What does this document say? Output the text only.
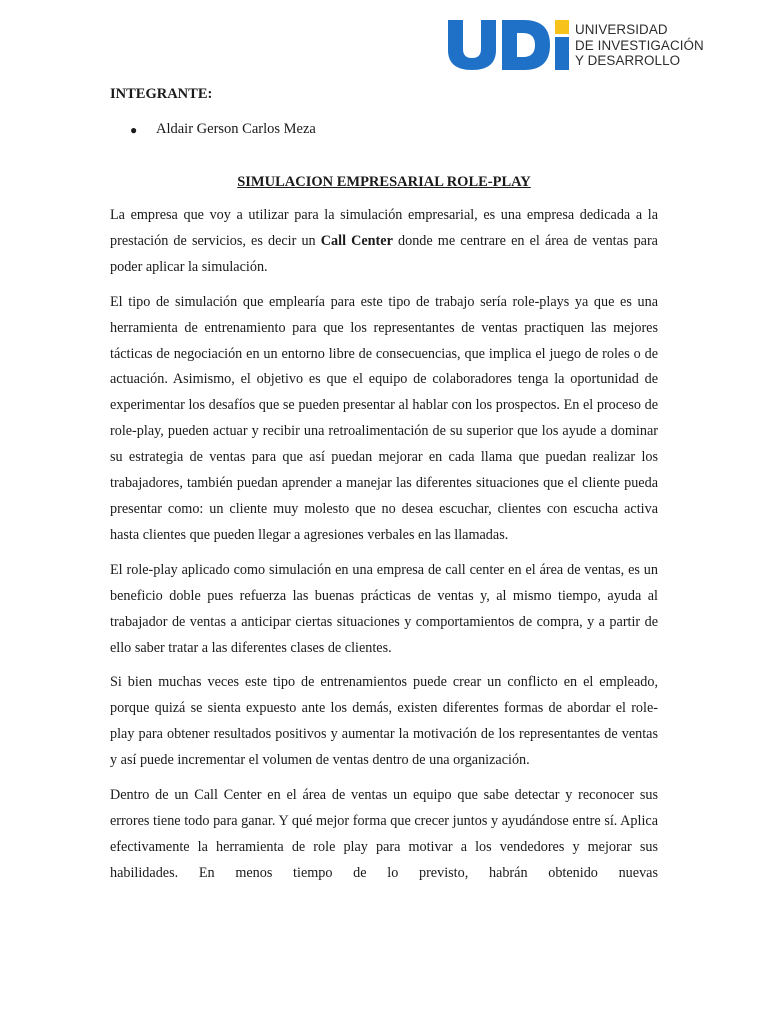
UNIVERSIDAD
DE INVESTIGACIÓN
Y DESARROLLO
INTEGRANTE:
● Aldair Gerson Carlos Meza
SIMULACION EMPRESARIAL ROLE-PLAY

La empresa que voy a utilizar para la simulación empresarial, es una empresa dedicada a la prestación de servicios, es decir un Call Center donde me centrare en el área de ventas para poder aplicar la simulación.

El tipo de simulación que emplearía para este tipo de trabajo sería role-plays ya que es una herramienta de entrenamiento para que los representantes de ventas practiquen las mejores tácticas de negociación en un entorno libre de consecuencias, que implica el juego de roles o de actuación. Asimismo, el objetivo es que el equipo de colaboradores tenga la oportunidad de experimentar los desafíos que se pueden presentar al hablar con los prospectos. En el proceso de role-play, pueden actuar y recibir una retroalimentación de su superior que los ayude a dominar su estrategia de ventas para que así puedan mejorar en cada llama que puedan realizar los trabajadores, también puedan aprender a manejar las diferentes situaciones que el cliente pueda presentar como: un cliente muy molesto que no desea escuchar, clientes con escucha activa hasta clientes que pueden llegar a agresiones verbales en las llamadas.

El role-play aplicado como simulación en una empresa de call center en el área de ventas, es un beneficio doble pues refuerza las buenas prácticas de ventas y, al mismo tiempo, ayuda al trabajador de ventas a anticipar ciertas situaciones y comportamientos de compra, y a partir de ello saber tratar a las diferentes clases de clientes.

Si bien muchas veces este tipo de entrenamientos puede crear un conflicto en el empleado, porque quizá se sienta expuesto ante los demás, existen diferentes formas de abordar el role-play para obtener resultados positivos y aumentar la motivación de los representantes de ventas y así puede incrementar el volumen de ventas dentro de una organización.

Dentro de un Call Center en el área de ventas un equipo que sabe detectar y reconocer sus errores tiene todo para ganar. Y qué mejor forma que crecer juntos y ayudándose entre sí. Aplica efectivamente la herramienta de role play para motivar a los vendedores y mejorar sus habilidades. En menos tiempo de lo previsto, habrán obtenido nuevas
